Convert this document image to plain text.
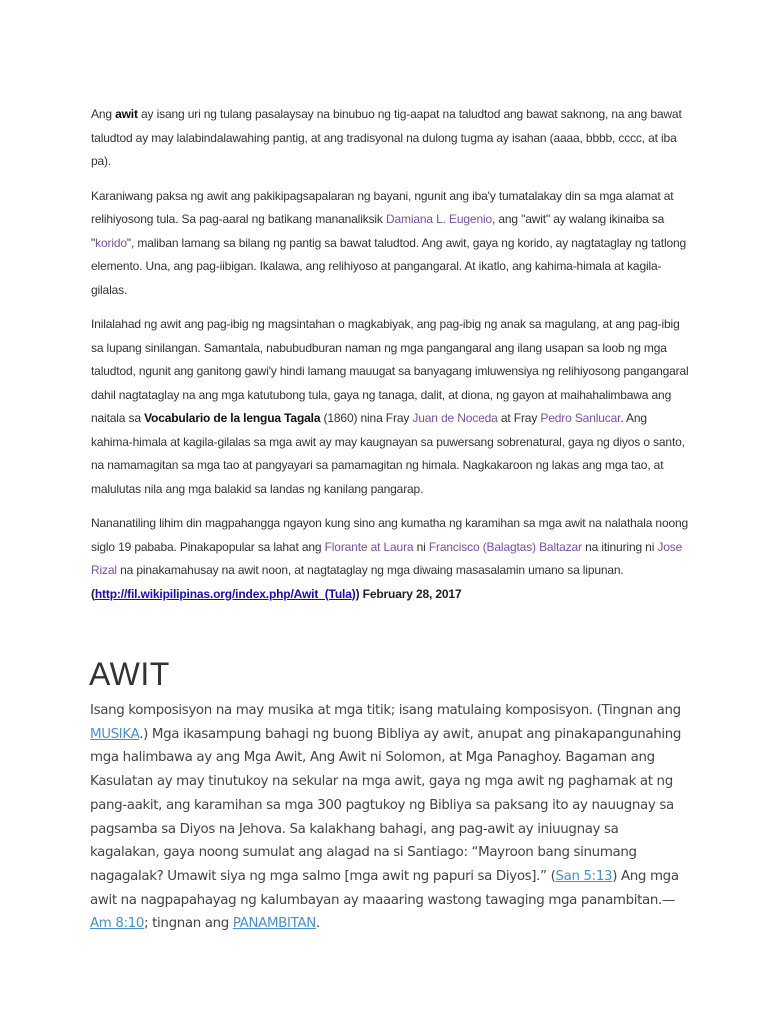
Ang awit ay isang uri ng tulang pasalaysay na binubuo ng tig-aapat na taludtod ang bawat saknong, na ang bawat taludtod ay may lalabindalawahing pantig, at ang tradisyonal na dulong tugma ay isahan (aaaa, bbbb, cccc, at iba pa).

Karaniwang paksa ng awit ang pakikipagsapalaran ng bayani, ngunit ang iba'y tumatalakay din sa mga alamat at relihiyosong tula. Sa pag-aaral ng batikang mananaliksik Damiana L. Eugenio, ang "awit" ay walang ikinaiba sa "korido", maliban lamang sa bilang ng pantig sa bawat taludtod. Ang awit, gaya ng korido, ay nagtataglay ng tatlong elemento. Una, ang pag-iibigan. Ikalawa, ang relihiyoso at pangangaral. At ikatlo, ang kahima-himala at kagila-gilalas.

Inilalahad ng awit ang pag-ibig ng magsintahan o magkabiyak, ang pag-ibig ng anak sa magulang, at ang pag-ibig sa lupang sinilangan. Samantala, nabubudburan naman ng mga pangangaral ang ilang usapan sa loob ng mga taludtod, ngunit ang ganitong gawi'y hindi lamang mauugat sa banyagang imluwensiya ng relihiyosong pangangaral dahil nagtataglay na ang mga katutubong tula, gaya ng tanaga, dalit, at diona, ng gayon at maihahalimbawa ang naitala sa Vocabulario de la lengua Tagala (1860) nina Fray Juan de Noceda at Fray Pedro Sanlucar. Ang kahima-himala at kagila-gilalas sa mga awit ay may kaugnayan sa puwersang sobrenatural, gaya ng diyos o santo, na namamagitan sa mga tao at pangyayari sa pamamagitan ng himala. Nagkakaroon ng lakas ang mga tao, at malulutas nila ang mga balakid sa landas ng kanilang pangarap.

Nananatiling lihim din magpahangga ngayon kung sino ang kumatha ng karamihan sa mga awit na nalathala noong siglo 19 pababa. Pinakapopular sa lahat ang Florante at Laura ni Francisco (Balagtas) Baltazar na itinuring ni Jose Rizal na pinakamahusay na awit noon, at nagtataglay ng mga diwaing masasalamin umano sa lipunan.

(http://fil.wikipilipinas.org/index.php/Awit_(Tula)) February 28, 2017

AWIT

Isang komposisyon na may musika at mga titik; isang matulaing komposisyon. (Tingnan ang MUSIKA.) Mga ikasampung bahagi ng buong Bibliya ay awit, anupat ang pinakapangunahing mga halimbawa ay ang Mga Awit, Ang Awit ni Solomon, at Mga Panaghoy. Bagaman ang Kasulatan ay may tinutukoy na sekular na mga awit, gaya ng mga awit ng paghamak at ng pang-aakit, ang karamihan sa mga 300 pagtukoy ng Bibliya sa paksang ito ay nauugnay sa pagsamba sa Diyos na Jehova. Sa kalakhang bahagi, ang pag-awit ay iniuugnay sa kagalakan, gaya noong sumulat ang alagad na si Santiago: “Mayroon bang sinumang nagagalak? Umawit siya ng mga salmo [mga awit ng papuri sa Diyos].” (San 5:13) Ang mga awit na nagpapahayag ng kalumbayan ay maaaring wastong tawaging mga panambitan.—Am 8:10; tingnan ang PANAMBITAN.
